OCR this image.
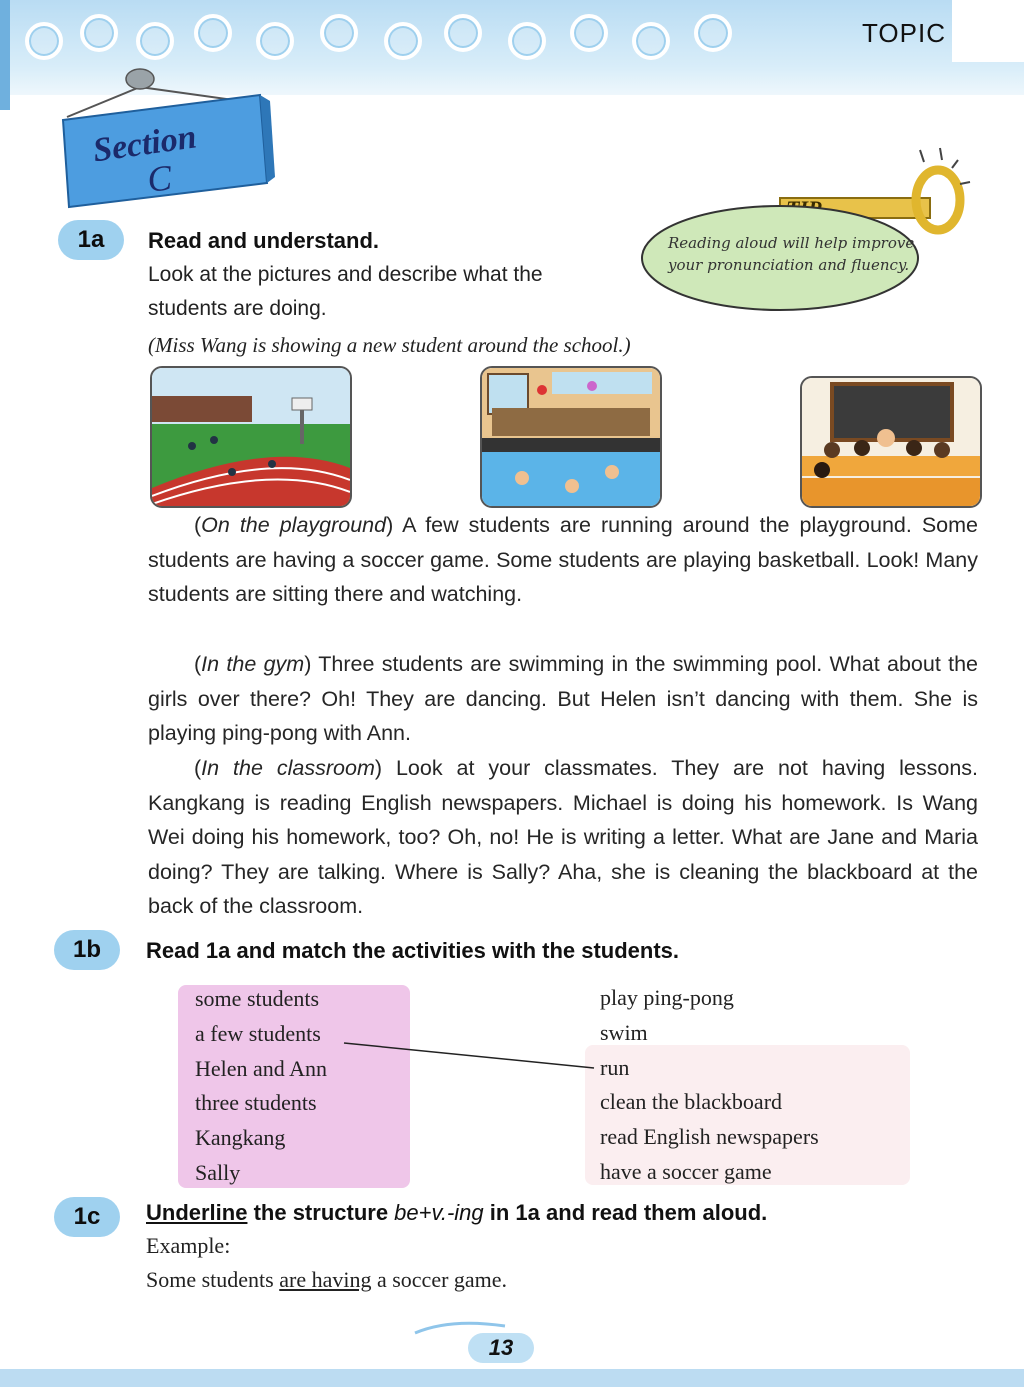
TOPIC
Section
C
Reading aloud will help improve
your pronunciation and fluency.
1a	Read and understand.
Look at the pictures and describe what the
students are doing.
(Miss Wang is showing a new student around the school.)
(On the playground) A few students are running around the playground. Some students are having a soccer game. Some students are playing basketball. Look! Many students are sitting there and watching.
(In the gym) Three students are swimming in the swimming pool. What about the girls over there? Oh! They are dancing. But Helen isn’t dancing with them. She is playing ping-pong with Ann.
(In the classroom) Look at your classmates. They are not having lessons. Kangkang is reading English newspapers. Michael is doing his homework. Is Wang Wei doing his homework, too? Oh, no! He is writing a letter. What are Jane and Maria doing? They are talking. Where is Sally? Aha, she is cleaning the blackboard at the back of the classroom.
1b	Read 1a and match the activities with the students.
some students
a few students
Helen and Ann
three students
Kangkang
Sally
play ping-pong
swim
run
clean the blackboard
read English newspapers
have a soccer game
1c	Underline the structure be+v.-ing in 1a and read them aloud.
Example:
Some students are having a soccer game.
13
